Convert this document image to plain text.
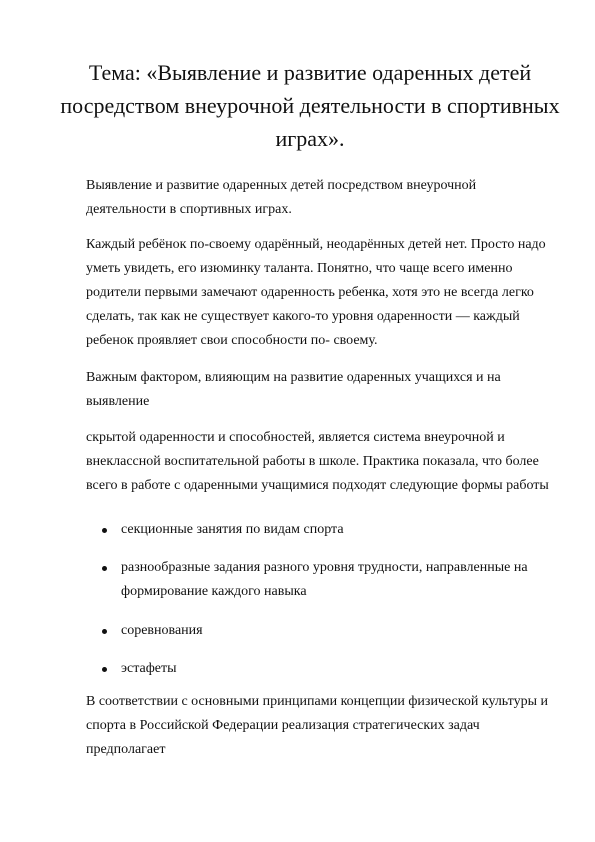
Тема: «Выявление и развитие одаренных детей
посредством внеурочной деятельности в спортивных
играх».

Выявление и развитие одаренных детей посредством внеурочной
деятельности в спортивных играх.

Каждый ребёнок по-своему одарённый, неодарённых детей нет. Просто надо
уметь увидеть, его изюминку таланта. Понятно, что чаще всего именно
родители первыми замечают одаренность ребенка, хотя это не всегда легко
сделать, так как не существует какого-то уровня одаренности — каждый
ребенок проявляет свои способности по- своему.

Важным фактором, влияющим на развитие одаренных учащихся и на
выявление

скрытой одаренности и способностей, является система внеурочной и
внеклассной воспитательной работы в школе. Практика показала, что более
всего в работе с одаренными учащимися подходят следующие формы работы

секционные занятия по видам спорта
разнообразные задания разного уровня трудности, направленные на
формирование каждого навыка
соревнования
эстафеты

В соответствии с основными принципами концепции физической культуры и
спорта в Российской Федерации реализация стратегических задач
предполагает
